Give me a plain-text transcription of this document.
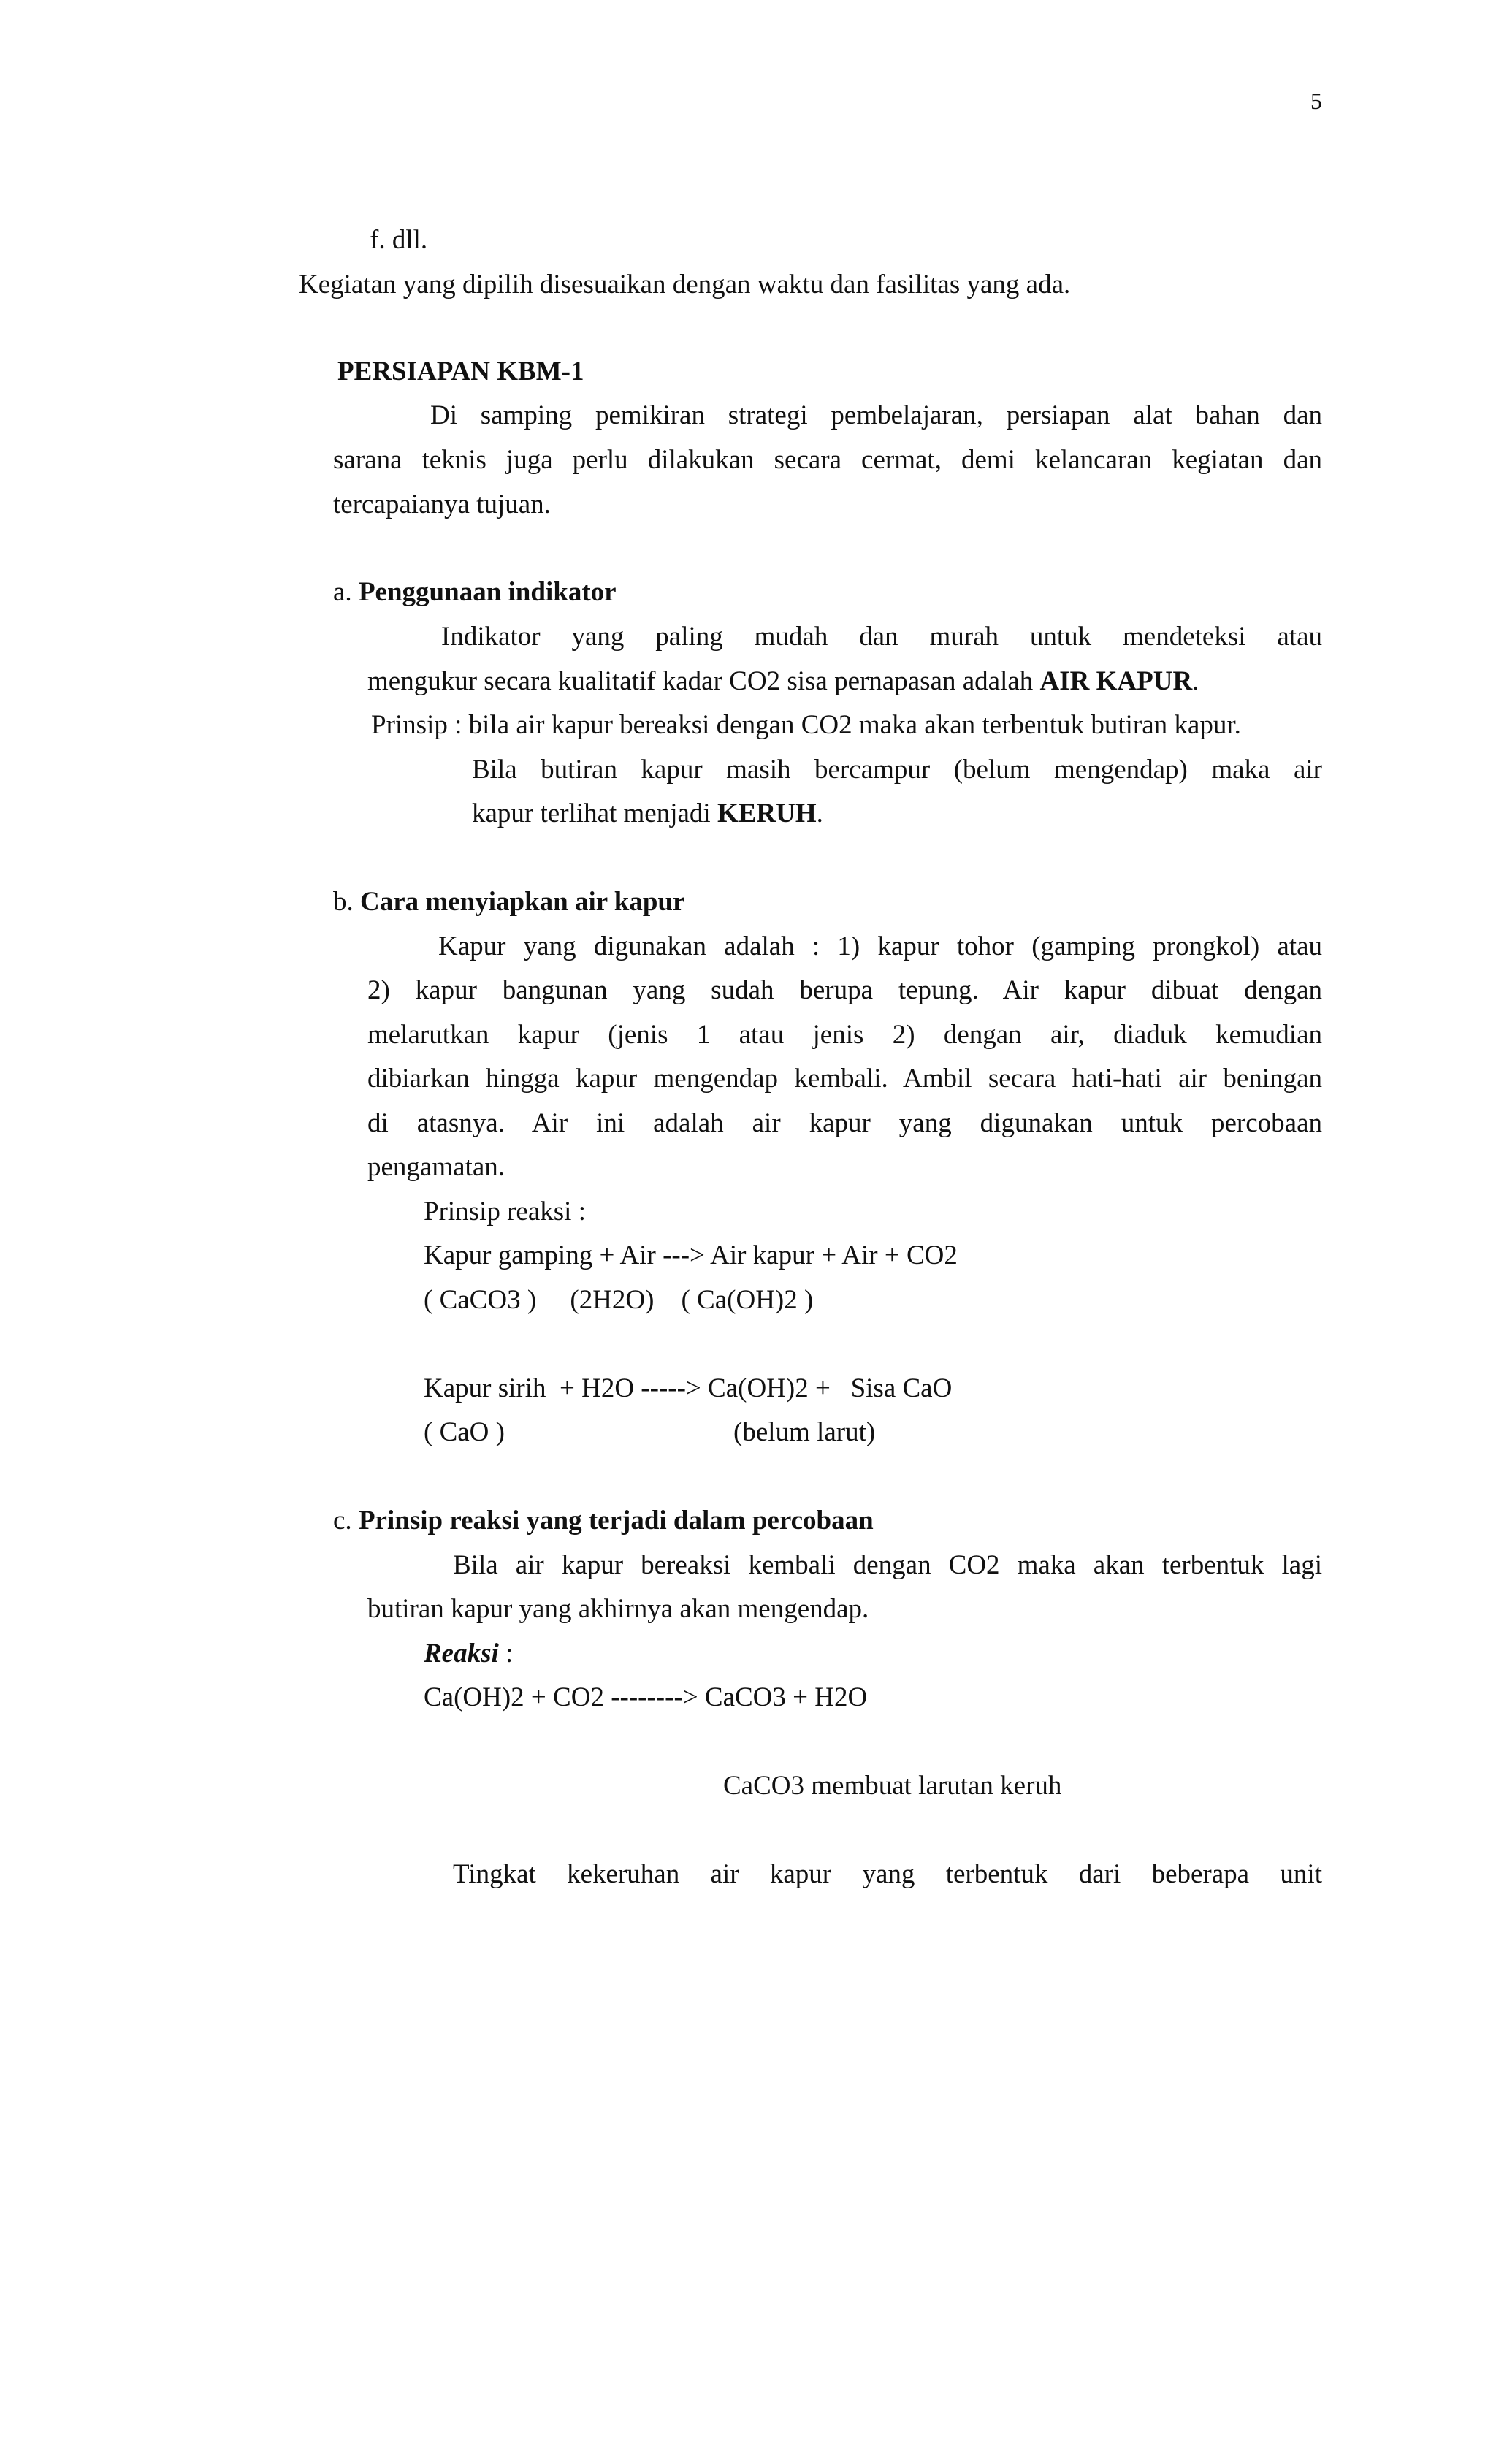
5
f. dll.
Kegiatan yang dipilih disesuaikan dengan waktu dan fasilitas yang ada.
PERSIAPAN KBM-1
Di samping pemikiran strategi pembelajaran, persiapan alat bahan dan
sarana teknis juga perlu dilakukan secara cermat, demi kelancaran kegiatan dan
tercapaianya tujuan.
a. Penggunaan indikator
Indikator yang paling mudah dan murah untuk mendeteksi atau
mengukur secara kualitatif kadar CO2 sisa pernapasan adalah AIR KAPUR.
Prinsip : bila air kapur bereaksi dengan CO2 maka akan terbentuk butiran kapur.
Bila butiran kapur masih bercampur (belum mengendap) maka air
kapur terlihat menjadi KERUH.
b. Cara menyiapkan air kapur
Kapur yang digunakan adalah : 1) kapur tohor (gamping prongkol) atau
2) kapur bangunan yang sudah berupa tepung. Air kapur dibuat dengan
melarutkan kapur (jenis 1 atau jenis 2) dengan air, diaduk kemudian
dibiarkan hingga kapur mengendap kembali. Ambil secara hati-hati air beningan
di atasnya. Air ini adalah air kapur yang digunakan untuk percobaan
pengamatan.
Prinsip reaksi :
Kapur gamping + Air ---> Air kapur + Air + CO2
( CaCO3 )     (2H2O)    ( Ca(OH)2 )
Kapur sirih  + H2O -----> Ca(OH)2 +   Sisa CaO
( CaO )	(belum larut)
c. Prinsip reaksi yang terjadi dalam percobaan
Bila air kapur bereaksi kembali dengan CO2 maka akan terbentuk lagi
butiran kapur yang akhirnya akan mengendap.
Reaksi :
Ca(OH)2 + CO2 --------> CaCO3 + H2O
CaCO3 membuat larutan keruh
Tingkat kekeruhan air kapur yang terbentuk dari beberapa unit
